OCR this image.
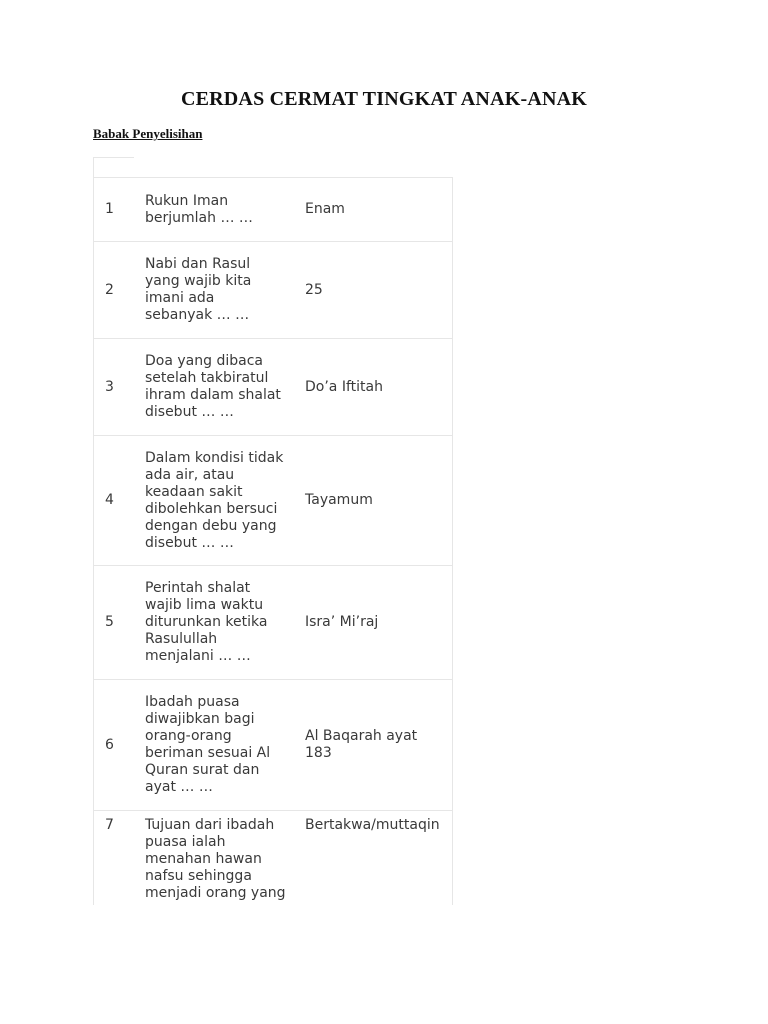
CERDAS CERMAT TINGKAT ANAK-ANAK
Babak Penyelisihan
1
Rukun Iman
berjumlah … …
Enam
2
Nabi dan Rasul
yang wajib kita
imani ada
sebanyak … …
25
3
Doa yang dibaca
setelah takbiratul
ihram dalam shalat
disebut … …
Do’a Iftitah
4
Dalam kondisi tidak
ada air, atau
keadaan sakit
dibolehkan bersuci
dengan debu yang
disebut … …
Tayamum
5
Perintah shalat
wajib lima waktu
diturunkan ketika
Rasulullah
menjalani … …
Isra’ Mi’raj
6
Ibadah puasa
diwajibkan bagi
orang-orang
beriman sesuai Al
Quran surat dan
ayat … …
Al Baqarah ayat
183
7	Tujuan dari ibadah
puasa ialah
menahan hawan
nafsu sehingga
menjadi orang yang
Bertakwa/muttaqin
